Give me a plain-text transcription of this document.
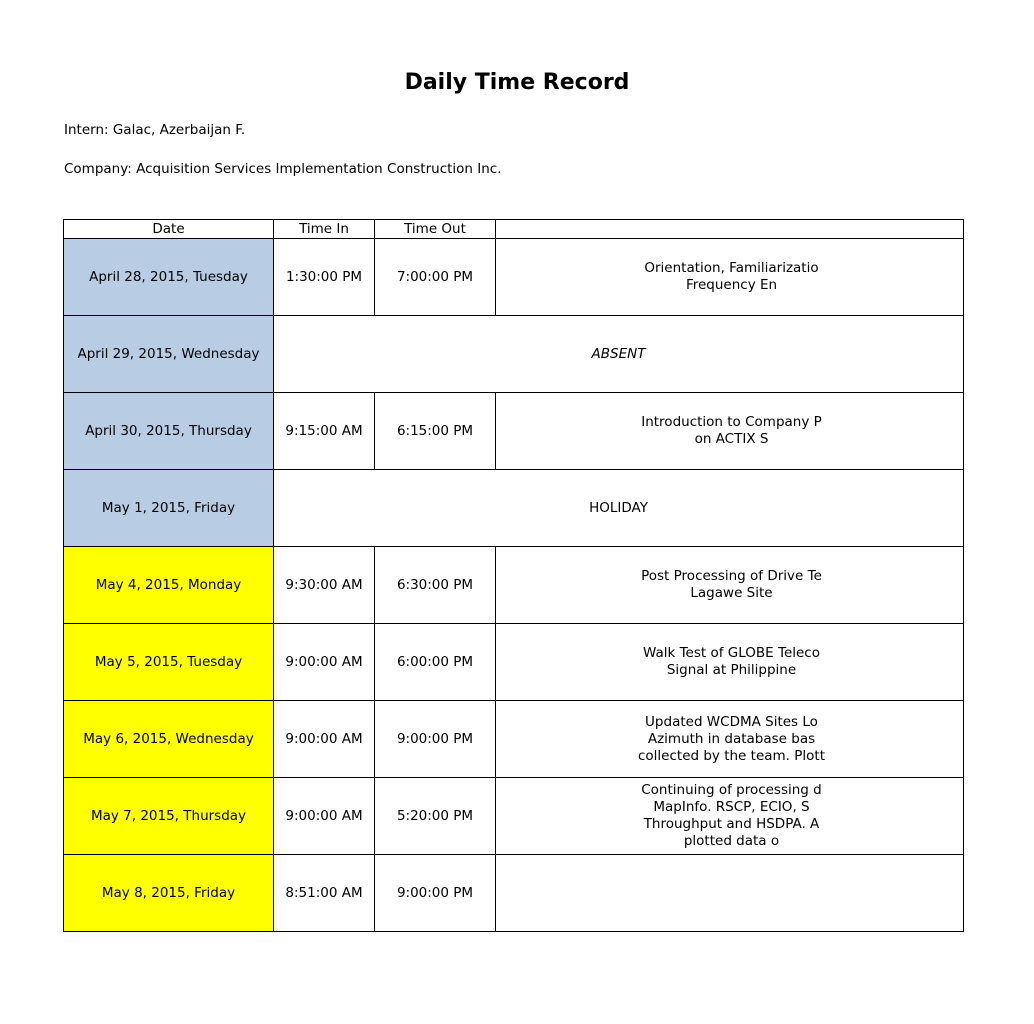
Daily Time Record
Intern: Galac, Azerbaijan F.
Company: Acquisition Services Implementation Construction Inc.
Date	Time In	Time Out	
April 28, 2015, Tuesday	1:30:00 PM	7:00:00 PM	Orientation, Familiarizatio
Frequency En

April 29, 2015, Wednesday	ABSENT		
April 30, 2015, Thursday	9:15:00 AM	6:15:00 PM	Introduction to Company P
on ACTIX S

May 1, 2015, Friday	HOLIDAY		
May 4, 2015, Monday	9:30:00 AM	6:30:00 PM	Post Processing of Drive Te
Lagawe Site

May 5, 2015, Tuesday	9:00:00 AM	6:00:00 PM	Walk Test of GLOBE Teleco
Signal at Philippine

May 6, 2015, Wednesday	9:00:00 AM	9:00:00 PM	Updated WCDMA Sites Lo
Azimuth in database bas
collected by the team. Plott

May 7, 2015, Thursday	9:00:00 AM	5:20:00 PM	Continuing of processing d
MapInfo. RSCP, ECIO, S
Throughput and HSDPA. A
plotted data o

May 8, 2015, Friday	8:51:00 AM	9:00:00 PM	
